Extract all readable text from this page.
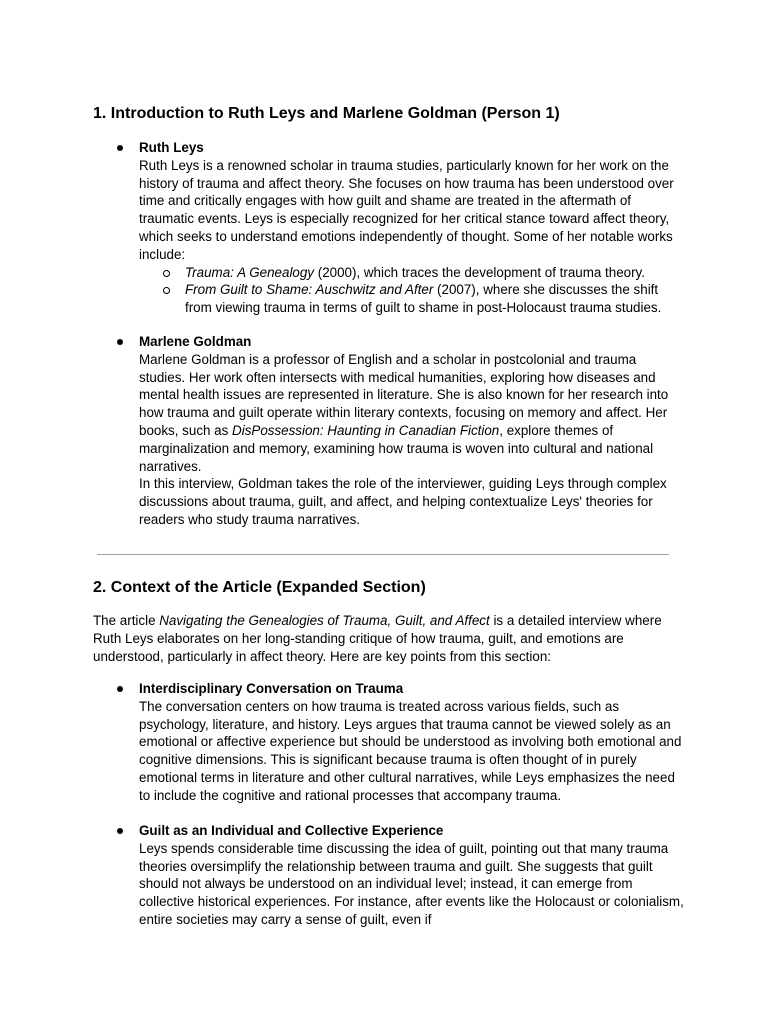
1. Introduction to Ruth Leys and Marlene Goldman (Person 1)

Ruth Leys

Ruth Leys is a renowned scholar in trauma studies, particularly known for her work on the history of trauma and affect theory. She focuses on how trauma has been understood over time and critically engages with how guilt and shame are treated in the aftermath of traumatic events. Leys is especially recognized for her critical stance toward affect theory, which seeks to understand emotions independently of thought. Some of her notable works include:

Trauma: A Genealogy (2000), which traces the development of trauma theory.

From Guilt to Shame: Auschwitz and After (2007), where she discusses the shift from viewing trauma in terms of guilt to shame in post-Holocaust trauma studies.

Marlene Goldman

Marlene Goldman is a professor of English and a scholar in postcolonial and trauma studies. Her work often intersects with medical humanities, exploring how diseases and mental health issues are represented in literature. She is also known for her research into how trauma and guilt operate within literary contexts, focusing on memory and affect. Her books, such as DisPossession: Haunting in Canadian Fiction, explore themes of marginalization and memory, examining how trauma is woven into cultural and national narratives.

In this interview, Goldman takes the role of the interviewer, guiding Leys through complex discussions about trauma, guilt, and affect, and helping contextualize Leys' theories for readers who study trauma narratives.

2. Context of the Article (Expanded Section)

The article Navigating the Genealogies of Trauma, Guilt, and Affect is a detailed interview where Ruth Leys elaborates on her long-standing critique of how trauma, guilt, and emotions are understood, particularly in affect theory. Here are key points from this section:

Interdisciplinary Conversation on Trauma

The conversation centers on how trauma is treated across various fields, such as psychology, literature, and history. Leys argues that trauma cannot be viewed solely as an emotional or affective experience but should be understood as involving both emotional and cognitive dimensions. This is significant because trauma is often thought of in purely emotional terms in literature and other cultural narratives, while Leys emphasizes the need to include the cognitive and rational processes that accompany trauma.

Guilt as an Individual and Collective Experience

Leys spends considerable time discussing the idea of guilt, pointing out that many trauma theories oversimplify the relationship between trauma and guilt. She suggests that guilt should not always be understood on an individual level; instead, it can emerge from collective historical experiences. For instance, after events like the Holocaust or colonialism, entire societies may carry a sense of guilt, even if
